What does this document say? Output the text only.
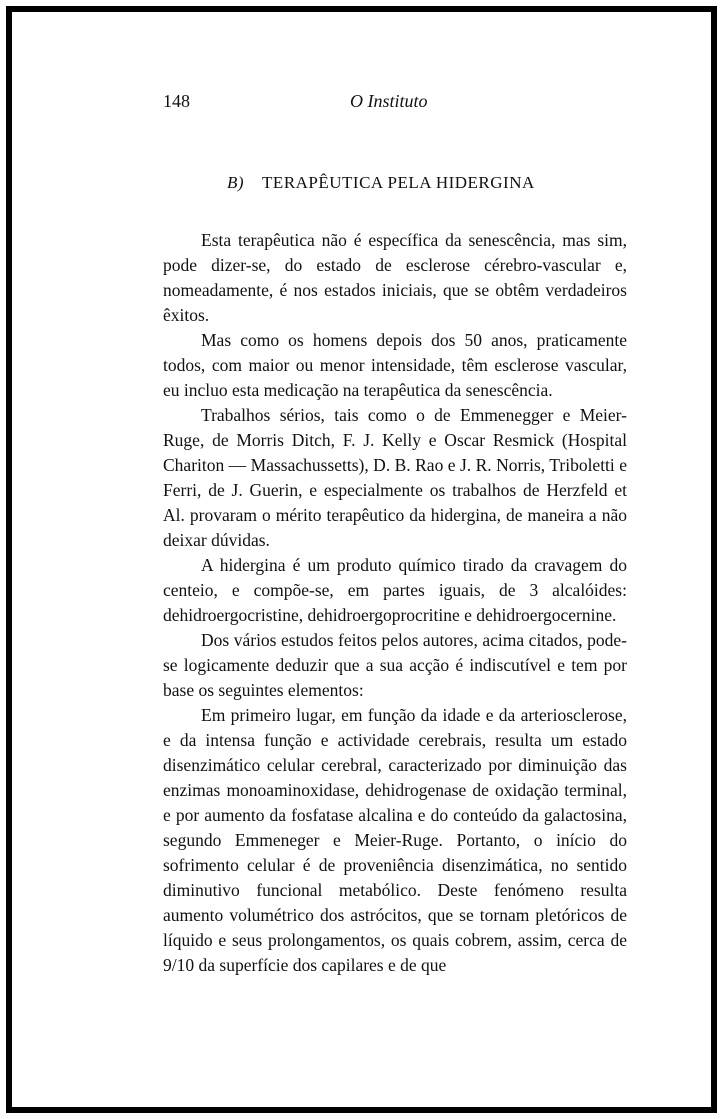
148	O Instituto
B) TERAPÊUTICA PELA HIDERGINA

Esta terapêutica não é específica da senescência, mas sim, pode dizer-se, do estado de esclerose cérebro-vascular e, nomeadamente, é nos estados iniciais, que se obtêm verdadeiros êxitos.

Mas como os homens depois dos 50 anos, praticamente todos, com maior ou menor intensidade, têm esclerose vascular, eu incluo esta medicação na terapêutica da senescência.

Trabalhos sérios, tais como o de Emmenegger e Meier-Ruge, de Morris Ditch, F. J. Kelly e Oscar Resmick (Hospital Chariton — Massachussetts), D. B. Rao e J. R. Norris, Triboletti e Ferri, de J. Guerin, e especialmente os trabalhos de Herzfeld et Al. provaram o mérito terapêutico da hidergina, de maneira a não deixar dúvidas.

A hidergina é um produto químico tirado da cravagem do centeio, e compõe-se, em partes iguais, de 3 alcalóides: dehidroergocristine, dehidroergoprocritine e dehidroergocernine.

Dos vários estudos feitos pelos autores, acima citados, pode-se logicamente deduzir que a sua acção é indiscutível e tem por base os seguintes elementos:

Em primeiro lugar, em função da idade e da arteriosclerose, e da intensa função e actividade cerebrais, resulta um estado disenzimático celular cerebral, caracterizado por diminuição das enzimas monoaminoxidase, dehidrogenase de oxidação terminal, e por aumento da fosfatase alcalina e do conteúdo da galactosina, segundo Emmeneger e Meier-Ruge. Portanto, o início do sofrimento celular é de proveniência disenzimática, no sentido diminutivo funcional metabólico. Deste fenómeno resulta aumento volumétrico dos astrócitos, que se tornam pletóricos de líquido e seus prolongamentos, os quais cobrem, assim, cerca de 9/10 da superfície dos capilares e de que
